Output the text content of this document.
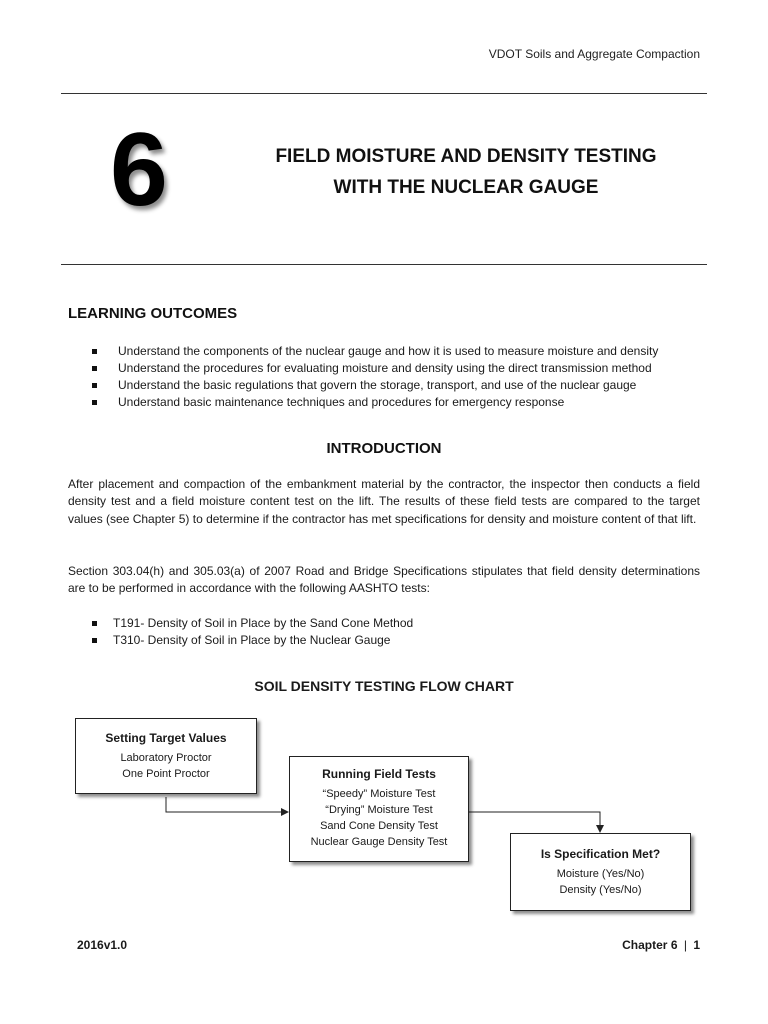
VDOT Soils and Aggregate Compaction
6	FIELD MOISTURE AND DENSITY TESTING
WITH THE NUCLEAR GAUGE
LEARNING OUTCOMES
Understand the components of the nuclear gauge and how it is used to measure moisture and density
Understand the procedures for evaluating moisture and density using the direct transmission method
Understand the basic regulations that govern the storage, transport, and use of the nuclear gauge
Understand basic maintenance techniques and procedures for emergency response
INTRODUCTION
After placement and compaction of the embankment material by the contractor, the inspector then conducts a field density test and a field moisture content test on the lift. The results of these field tests are compared to the target values (see Chapter 5) to determine if the contractor has met specifications for density and moisture content of that lift.
Section 303.04(h) and 305.03(a) of 2007 Road and Bridge Specifications stipulates that field density determinations are to be performed in accordance with the following AASHTO tests:
T191- Density of Soil in Place by the Sand Cone Method
T310- Density of Soil in Place by the Nuclear Gauge
SOIL DENSITY TESTING FLOW CHART
Setting Target Values
Laboratory Proctor
One Point Proctor	Running Field Tests
“Speedy” Moisture Test
“Drying” Moisture Test
Sand Cone Density Test
Nuclear Gauge Density Test
Is Specification Met?
Moisture (Yes/No)
Density (Yes/No)
2016v1.0	Chapter 6 | 1
